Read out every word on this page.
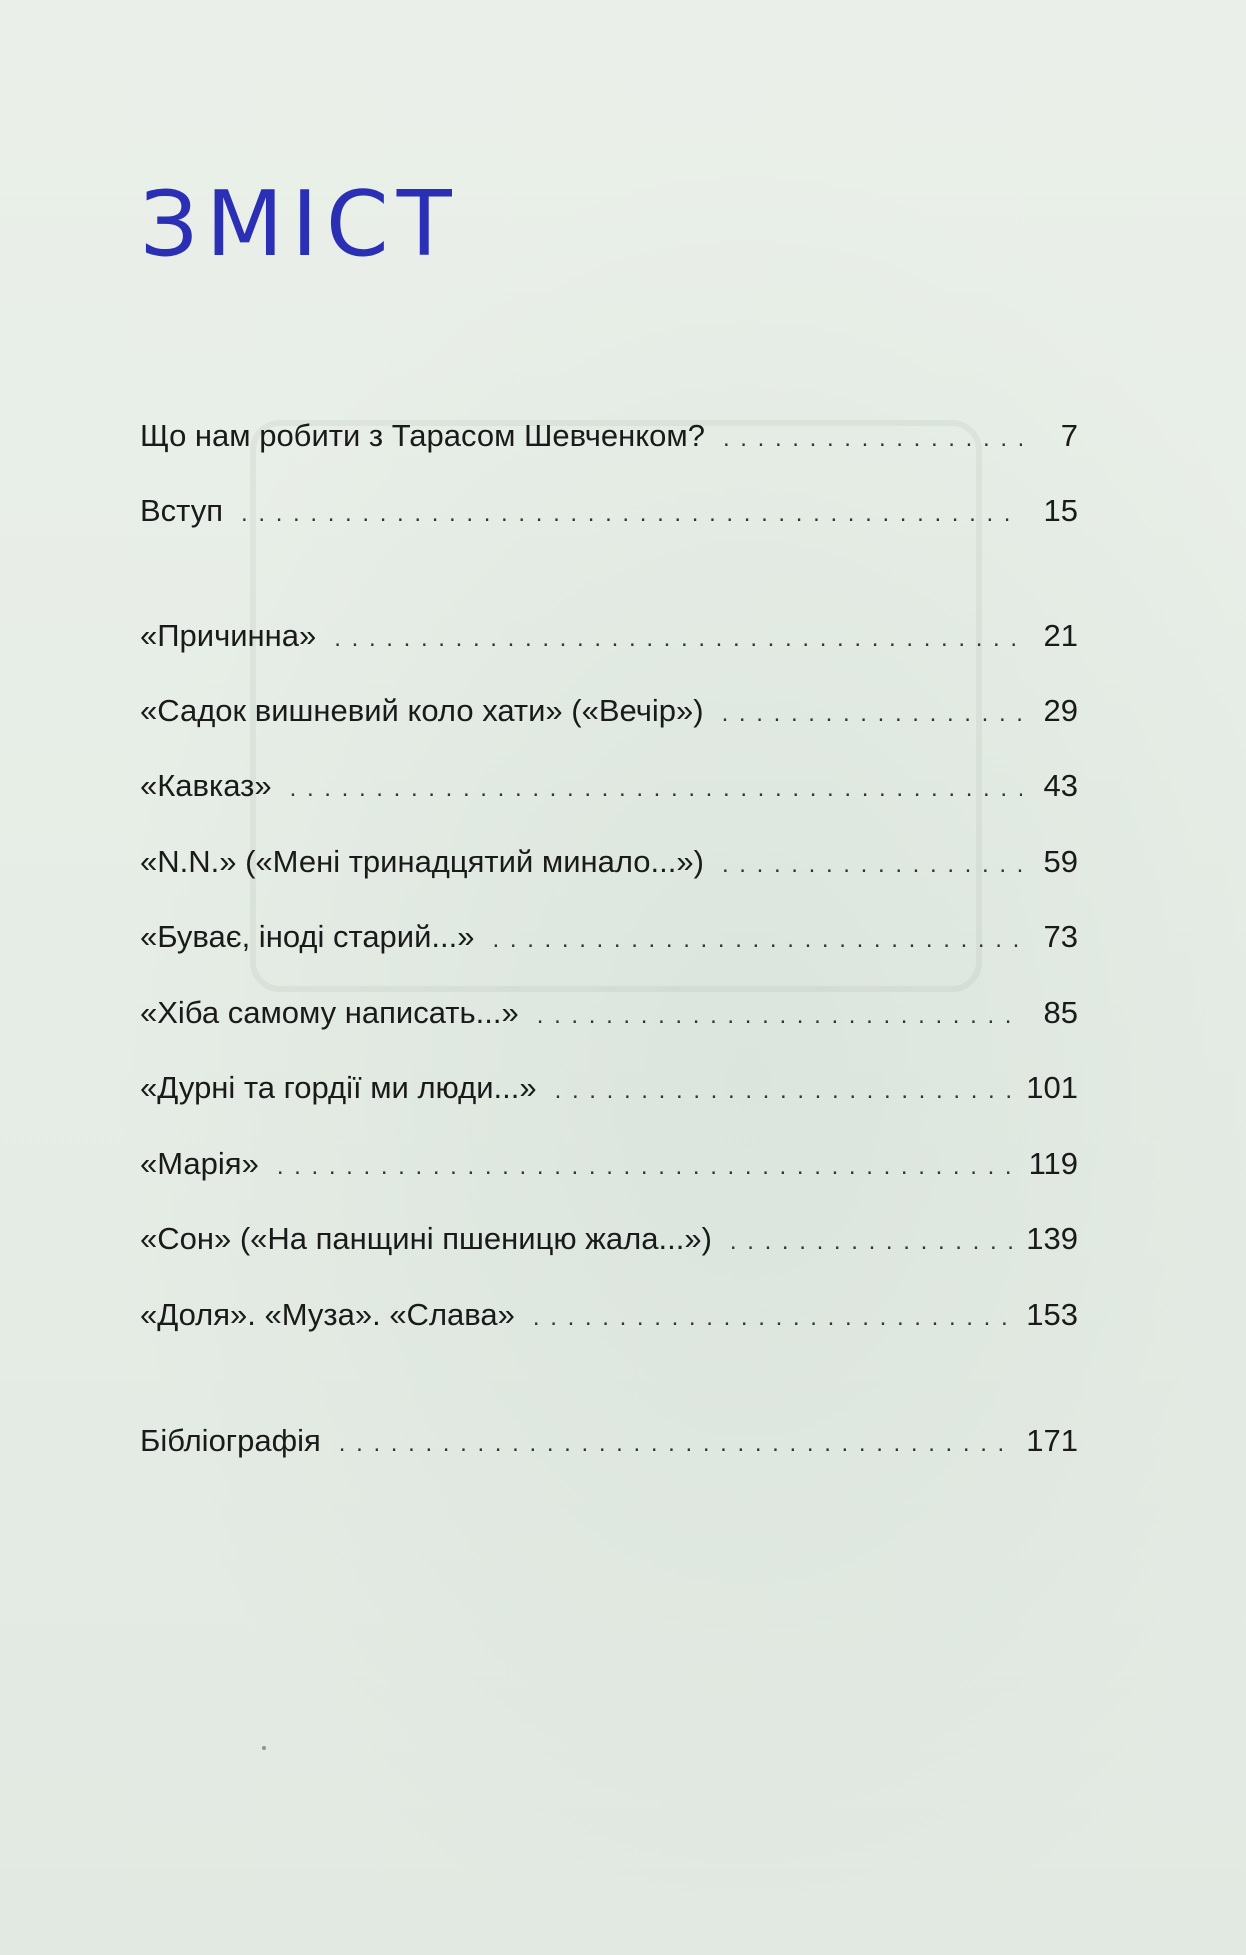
ЗМІСТ
Що нам робити з Тарасом Шевченком? . . .	7
Вступ . . .	15
«Причинна» . . .	21
«Садок вишневий коло хати» («Вечір») . . .	29
«Кавказ» . . .	43
«N.N.» («Мені тринадцятий минало...») . . .	59
«Буває, іноді старий...» . . .	73
«Хіба самому написать...» . . .	85
«Дурні та гордії ми люди...» . . .	101
«Марія» . . .	119
«Сон» («На панщині пшеницю жала...») . . .	139
«Доля». «Муза». «Слава» . . .	153
Бібліографія . . .	171
